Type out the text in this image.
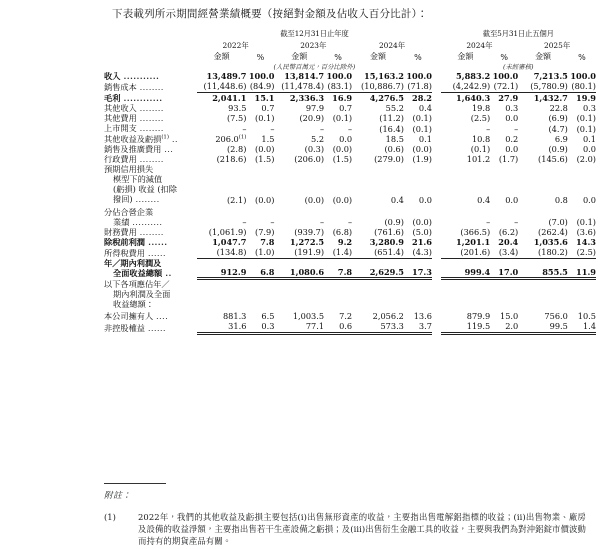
下表載列所示期間經營業績概要（按絕對金額及佔收入百分比計）：
	截至12月31日止年度							截至5月31日止五個月			

	2022年		2023年		2024年			2024年		2025年	

	金額	%	金額	%	金額	%		金額	%	金額	%

	(人民幣百萬元，百分比除外)							(未經審核)			

收入 ...........	13,489.7	100.0	13,814.7	100.0	15,163.2	100.0		5,883.2	100.0	7,213.5	100.0

銷售成本 ........	(11,448.6)	(84.9)	(11,478.4)	(83.1)	(10,886.7)	(71.8)		(4,242.9)	(72.1)	(5,780.9)	(80.1)

毛利 ............	2,041.1	15.1	2,336.3	16.9	4,276.5	28.2		1,640.3	27.9	1,432.7	19.9

其他收入 ........	93.5	0.7	97.9	0.7	55.2	0.4		19.8	0.3	22.8	0.3

其他費用 ........	(7.5)	(0.1)	(20.9)	(0.1)	(11.2)	(0.1)		(2.5)	0.0	(6.9)	(0.1)

上市開支 ........	–	–	–	–	(16.4)	(0.1)		–	–	(4.7)	(0.1)

其他收益及虧損$^{(1)}$ ..	206.0$^{(1)}$	1.5	5.2	0.0	18.5	0.1		10.8	0.2	6.9	0.1

銷售及推廣費用 ...	(2.8)	(0.0)	(0.3)	(0.0)	(0.6)	(0.0)		(0.1)	0.0	(0.9)	0.0

行政費用 ........	(218.6)	(1.5)	(206.0)	(1.5)	(279.0)	(1.9)		101.2	(1.7)	(145.6)	(2.0)

預期信用損失
模型下的減值
(虧損) 收益 (扣除
撥回) ........	(2.1)	(0.0)	(0.0)	(0.0)	0.4	0.0		0.4	0.0	0.8	0.0

分佔合營企業
業績 ..........	–	–	–	–	(0.9)	(0.0)		–	–	(7.0)	(0.1)

財務費用 ........	(1,061.9)	(7.9)	(939.7)	(6.8)	(761.6)	(5.0)		(366.5)	(6.2)	(262.4)	(3.6)

除稅前利潤 ......	1,047.7	7.8	1,272.5	9.2	3,280.9	21.6		1,201.1	20.4	1,035.6	14.3

所得稅費用 ......	(134.8)	(1.0)	(191.9)	(1.4)	(651.4)	(4.3)		(201.6)	(3.4)	(180.2)	(2.5)

年／期內利潤及
全面收益總額 ..	912.9	6.8	1,080.6	7.8	2,629.5	17.3		999.4	17.0	855.5	11.9

以下各項應佔年／
期內利潤及全面
收益總額：											

本公司擁有人 ....	881.3	6.5	1,003.5	7.2	2,056.2	13.6		879.9	15.0	756.0	10.5

非控股權益 ......	31.6	0.3	77.1	0.6	573.3	3.7		119.5	2.0	99.5	1.4
附註：
(1)	2022年，我們的其他收益及虧損主要包括(i)出售無形資產的收益，主要指出售電解鋁指標的收益；(ii)出售物業、廠房及設備的收益淨額，主要指出售若干生產設備之虧損；及(iii)出售衍生金融工具的收益，主要與我們為對沖鋁錠市價波動而持有的期貨產品有關。
